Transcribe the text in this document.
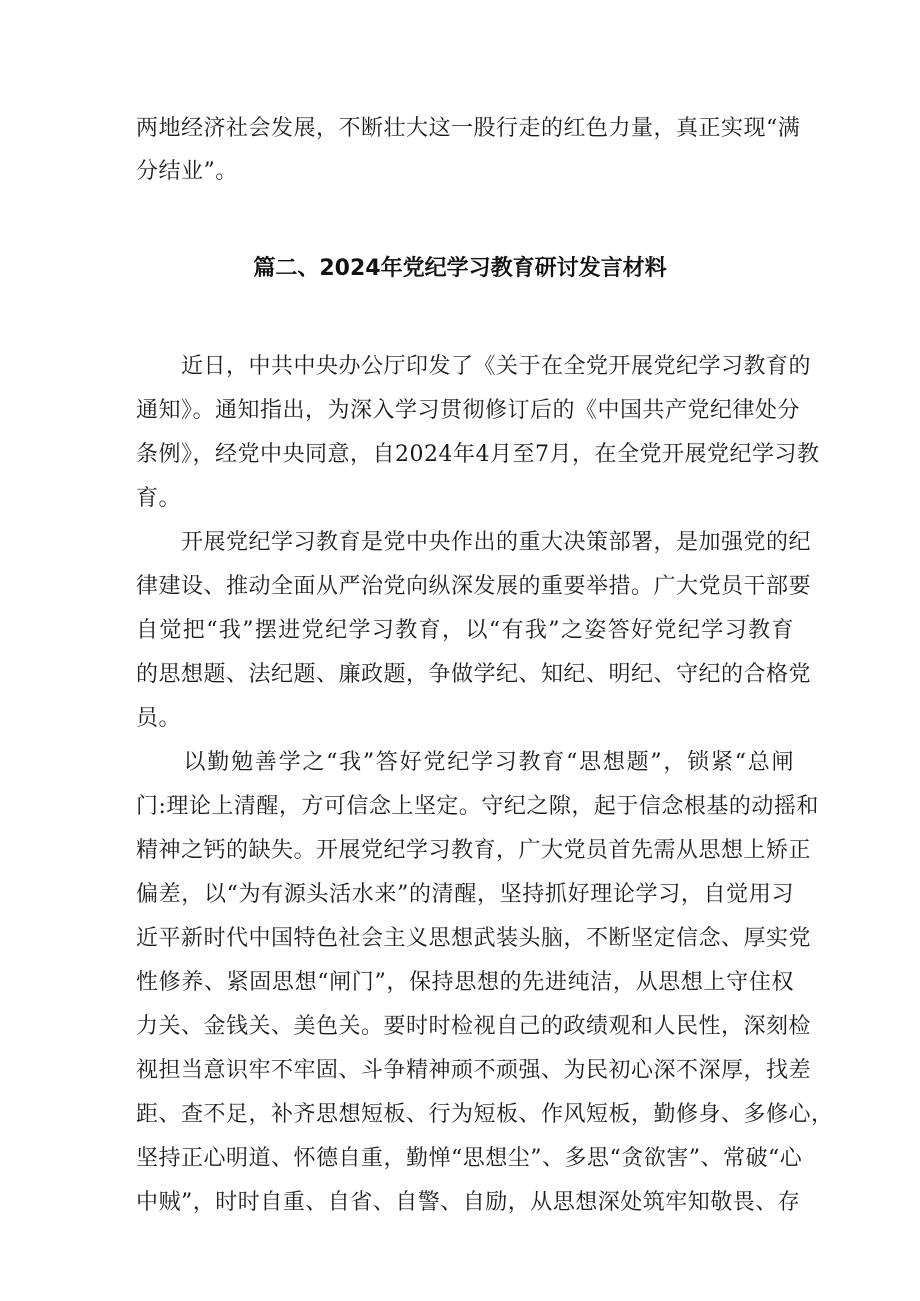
两地经济社会发展，不断壮大这一股行走的红色力量，真正实现“满
分结业”。
篇二、2024年党纪学习教育研讨发言材料
　　近日，中共中央办公厅印发了《关于在全党开展党纪学习教育的
通知》。通知指出，为深入学习贯彻修订后的《中国共产党纪律处分
条例》，经党中央同意，自2024年4月至7月，在全党开展党纪学习教
育。
　　开展党纪学习教育是党中央作出的重大决策部署，是加强党的纪
律建设、推动全面从严治党向纵深发展的重要举措。广大党员干部要
自觉把“我”摆进党纪学习教育，以“有我”之姿答好党纪学习教育
的思想题、法纪题、廉政题，争做学纪、知纪、明纪、守纪的合格党
员。
　　以勤勉善学之“我”答好党纪学习教育“思想题”，锁紧“总闸
门:理论上清醒，方可信念上坚定。守纪之隙，起于信念根基的动摇和
精神之钙的缺失。开展党纪学习教育，广大党员首先需从思想上矫正
偏差，以“为有源头活水来”的清醒，坚持抓好理论学习，自觉用习
近平新时代中国特色社会主义思想武装头脑，不断坚定信念、厚实党
性修养、紧固思想“闸门”，保持思想的先进纯洁，从思想上守住权
力关、金钱关、美色关。要时时检视自己的政绩观和人民性，深刻检
视担当意识牢不牢固、斗争精神顽不顽强、为民初心深不深厚，找差
距、查不足，补齐思想短板、行为短板、作风短板，勤修身、多修心，
坚持正心明道、怀德自重，勤惮“思想尘”、多思“贪欲害”、常破“心
中贼”，时时自重、自省、自警、自励，从思想深处筑牢知敬畏、存
